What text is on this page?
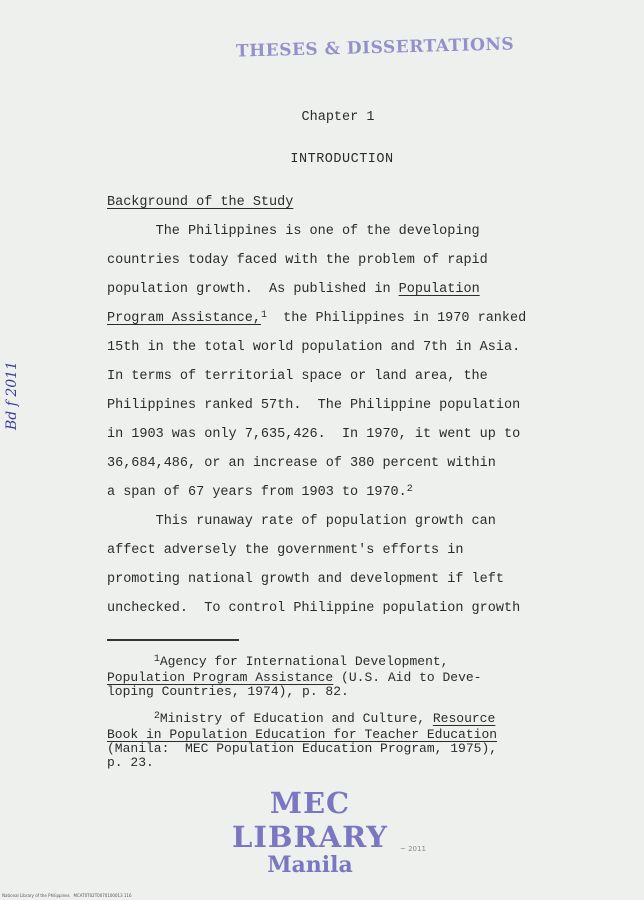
THESES & DISSERTATIONS
Chapter 1
INTRODUCTION
Background of the Study
The Philippines is one of the developing
countries today faced with the problem of rapid
population growth.  As published in Population
Program Assistance,$^1$  the Philippines in 1970 ranked
15th in the total world population and 7th in Asia.
In terms of territorial space or land area, the
Philippines ranked 57th.  The Philippine population
in 1903 was only 7,635,426.  In 1970, it went up to
36,684,486, or an increase of 380 percent within
a span of 67 years from 1903 to 1970.$^2$
This runaway rate of population growth can
affect adversely the government's efforts in
promoting national growth and development if left
unchecked.  To control Philippine population growth
$^1$Agency for International Development,
Population Program Assistance (U.S. Aid to Deve-
loping Countries, 1974), p. 82.
$^2$Ministry of Education and Culture, Resource
Book in Population Education for Teacher Education
(Manila:  MEC Population Education Program, 1975),
p. 23.
Bd f 2011
MEC LIBRARY
Manila
~ 2011
National Library of the Philippines   MCAT0T02T0070100013 116
